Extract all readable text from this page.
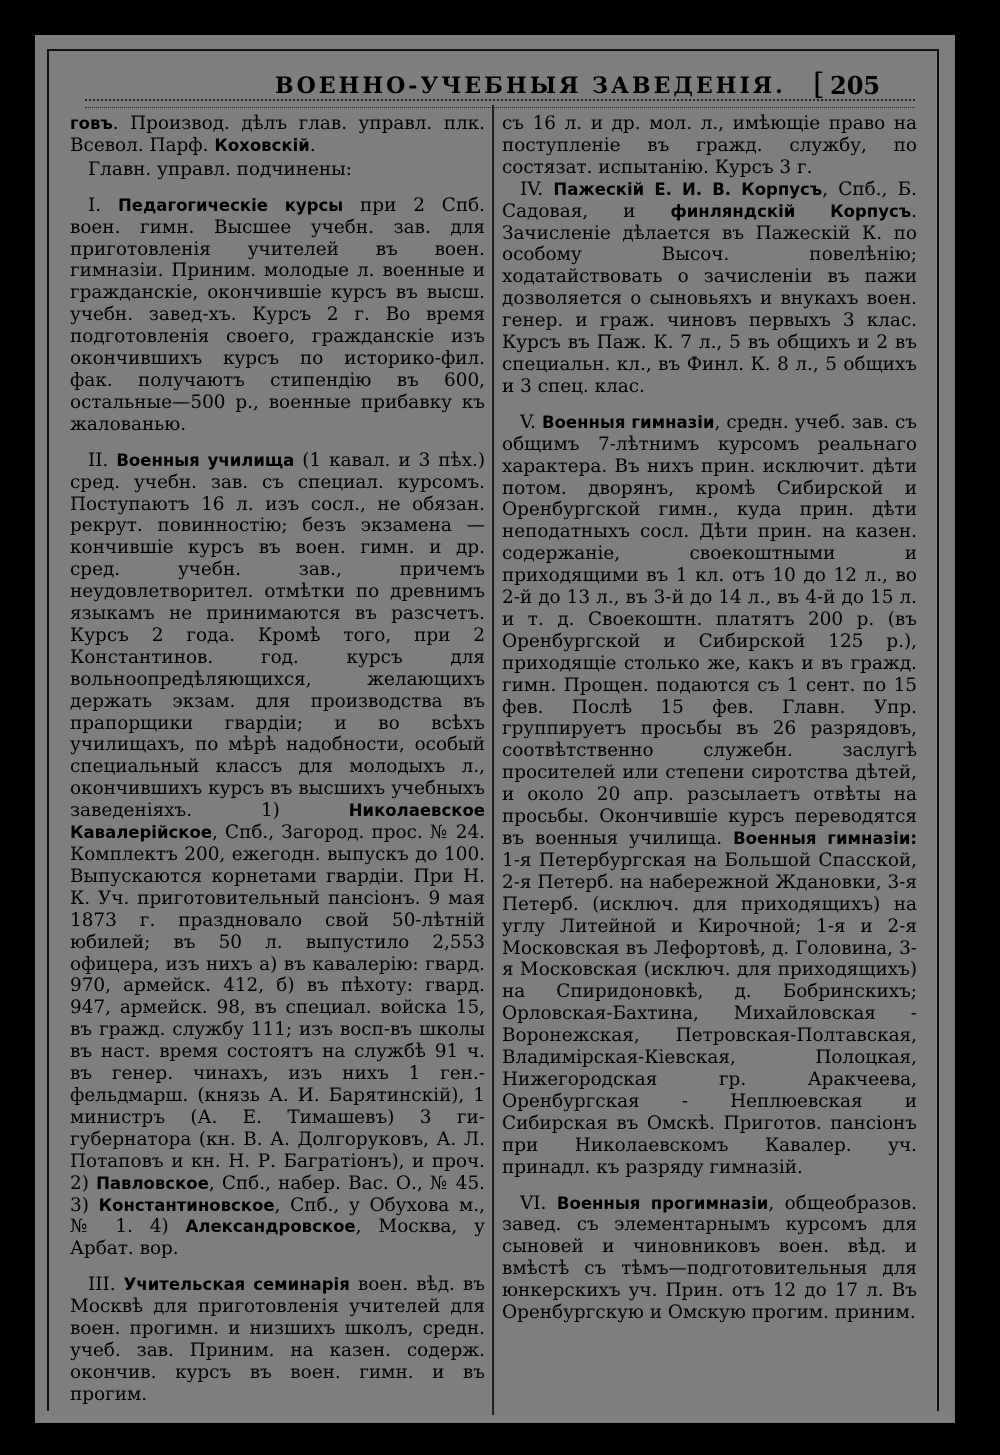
ВОЕННО-УЧЕБНЫЯ ЗАВЕДЕНІЯ. [ 205

говъ. Производ. дѣлъ глав. управл. плк. Всевол. Парф. Коховскій.

Главн. управл. подчинены:

I. Педагогическіе курсы при 2 Спб. воен. гимн. Высшее учебн. зав. для приготовленія учителей въ воен. гимназіи. Приним. молодые л. военные и гражданскіе, окончившіе курсъ въ высш. учебн. завед-хъ. Курсъ 2 г. Во время подготовленія своего, гражданскіе изъ окончившихъ курсъ по историко-фил. фак. получаютъ стипендію въ 600, остальные—500 р., военные прибавку къ жалованью.

II. Военныя училища (1 кавал. и 3 пѣх.) сред. учебн. зав. съ специал. курсомъ. Поступаютъ 16 л. изъ сосл., не обязан. рекрут. повинностію; безъ экзамена — кончившіе курсъ въ воен. гимн. и др. сред. учебн. зав., причемъ неудовлетворител. отмѣтки по древнимъ языкамъ не принимаются въ разсчетъ. Курсъ 2 года. Кромѣ того, при 2 Константинов. год. курсъ для вольноопредѣляющихся, желающихъ держать экзам. для производства въ прапорщики гвардіи; и во всѣхъ училищахъ, по мѣрѣ надобности, особый специальный классъ для молодыхъ л., окончившихъ курсъ въ высшихъ учебныхъ заведеніяхъ. 1) Николаевское Кавалерійское, Спб., Загород. прос. № 24. Комплектъ 200, ежегодн. выпускъ до 100. Выпускаются корнетами гвардіи. При Н. К. Уч. приготовительный пансіонъ. 9 мая 1873 г. праздновало свой 50-лѣтній юбилей; въ 50 л. выпустило 2,553 офицера, изъ нихъ а) въ кавалерію: гвард. 970, армейск. 412, б) въ пѣхоту: гвард. 947, армейск. 98, въ специал. войска 15, въ гражд. службу 111; изъ восп-въ школы въ наст. время состоятъ на службѣ 91 ч. въ генер. чинахъ, изъ нихъ 1 ген.-фельдмарш. (князь А. И. Барятинскій), 1 министръ (А. Е. Тимашевъ) 3 ги-губернатора (кн. В. А. Долгоруковъ, А. Л. Потаповъ и кн. Н. Р. Багратіонъ), и проч. 2) Павловское, Спб., набер. Вас. О., № 45. 3) Константиновское, Спб., у Обухова м., № 1. 4) Александровское, Москва, у Арбат. вор.

III. Учительская семинарія воен. вѣд. въ Москвѣ для приготовленія учителей для воен. прогимн. и низшихъ школъ, средн. учеб. зав. Приним. на казен. содерж. окончив. курсъ въ воен. гимн. и въ прогим.

съ 16 л. и др. мол. л., имѣющіе право на поступленіе въ гражд. службу, по состязат. испытанію. Курсъ 3 г.

IV. Пажескій Е. И. В. Корпусъ, Спб., Б. Садовая, и финляндскій Корпусъ. Зачисленіе дѣлается въ Пажескій К. по особому Высоч. повелѣнію; ходатайствовать о зачисленіи въ пажи дозволяется о сыновьяхъ и внукахъ воен. генер. и граж. чиновъ первыхъ 3 клас. Курсъ въ Паж. К. 7 л., 5 въ общихъ и 2 въ специальн. кл., въ Финл. К. 8 л., 5 общихъ и 3 спец. клас.

V. Военныя гимназіи, средн. учеб. зав. съ общимъ 7-лѣтнимъ курсомъ реальнаго характера. Въ нихъ прин. исключит. дѣти потом. дворянъ, кромѣ Сибирской и Оренбургской гимн., куда прин. дѣти неподатныхъ сосл. Дѣти прин. на казен. содержаніе, своекоштными и приходящими въ 1 кл. отъ 10 до 12 л., во 2-й до 13 л., въ 3-й до 14 л., въ 4-й до 15 л. и т. д. Своекоштн. платятъ 200 р. (въ Оренбургской и Сибирской 125 р.), приходящіе столько же, какъ и въ гражд. гимн. Прощен. подаются съ 1 сент. по 15 фев. Послѣ 15 фев. Главн. Упр. группируетъ просьбы въ 26 разрядовъ, соотвѣтственно служебн. заслугѣ просителей или степени сиротства дѣтей, и около 20 апр. разсылаетъ отвѣты на просьбы. Окончившіе курсъ переводятся въ военныя училища. Военныя гимназіи: 1-я Петербургская на Большой Спасской, 2-я Петерб. на набережной Ждановки, 3-я Петерб. (исключ. для приходящихъ) на углу Литейной и Кирочной; 1-я и 2-я Московская въ Лефортовѣ, д. Головина, 3-я Московская (исключ. для приходящихъ) на Спиридоновкѣ, д. Бобринскихъ; Орловская-Бахтина, Михайловская - Воронежская, Петровская-Полтавская, Владимірская-Кіевская, Полоцкая, Нижегородская гр. Аракчеева, Оренбургская - Неплюевская и Сибирская въ Омскѣ. Приготов. пансіонъ при Николаевскомъ Кавалер. уч. принадл. къ разряду гимназій.

VI. Военныя прогимназіи, общеобразов. завед. съ элементарнымъ курсомъ для сыновей и чиновниковъ воен. вѣд. и вмѣстѣ съ тѣмъ—подготовительныя для юнкерскихъ уч. Прин. отъ 12 до 17 л. Въ Оренбургскую и Омскую прогим. приним.
